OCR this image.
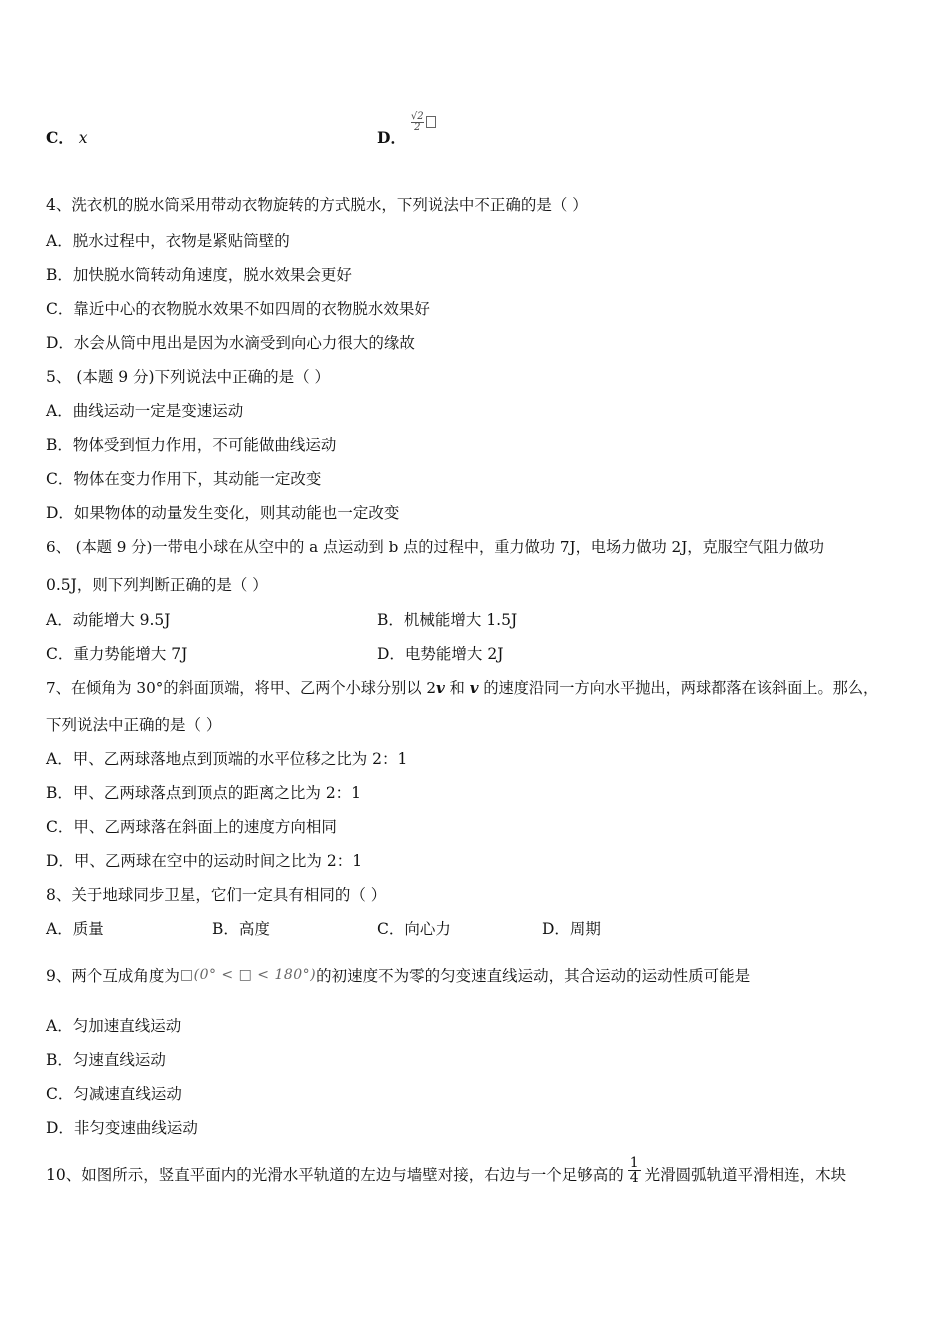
C． x	D．
$\frac{√2}{2}$
4、洗衣机的脱水筒采用带动衣物旋转的方式脱水，下列说法中不正确的是（ ）
A．脱水过程中，衣物是紧贴筒壁的
B．加快脱水筒转动角速度，脱水效果会更好
C．靠近中心的衣物脱水效果不如四周的衣物脱水效果好
D．水会从筒中甩出是因为水滴受到向心力很大的缘故
5、 (本题 9 分)下列说法中正确的是（ ）
A．曲线运动一定是变速运动
B．物体受到恒力作用，不可能做曲线运动
C．物体在变力作用下，其动能一定改变
D．如果物体的动量发生变化，则其动能也一定改变
6、 (本题 9 分)一带电小球在从空中的 a 点运动到 b 点的过程中，重力做功 7J，电场力做功 2J，克服空气阻力做功
0.5J，则下列判断正确的是（ ）
A．动能增大 9.5J	B．机械能增大 1.5J
C．重力势能增大 7J	D．电势能增大 2J
7、在倾角为 30°的斜面顶端，将甲、乙两个小球分别以 2v 和 v 的速度沿同一方向水平抛出，两球都落在该斜面上。那么，
下列说法中正确的是（ ）
A．甲、乙两球落地点到顶端的水平位移之比为 2：1
B．甲、乙两球落点到顶点的距离之比为 2：1
C．甲、乙两球落在斜面上的速度方向相同
D．甲、乙两球在空中的运动时间之比为 2：1
8、关于地球同步卫星，它们一定具有相同的（ ）
A．质量	B．高度	C．向心力	D．周期
9、两个互成角度为□(0° < □ < 180°)的初速度不为零的匀变速直线运动，其合运动的运动性质可能是
A．匀加速直线运动
B．匀速直线运动
C．匀减速直线运动
D．非匀变速曲线运动
10、如图所示，竖直平面内的光滑水平轨道的左边与墙壁对接，右边与一个足够高的 $\frac{1}{4}$ 光滑圆弧轨道平滑相连，木块
